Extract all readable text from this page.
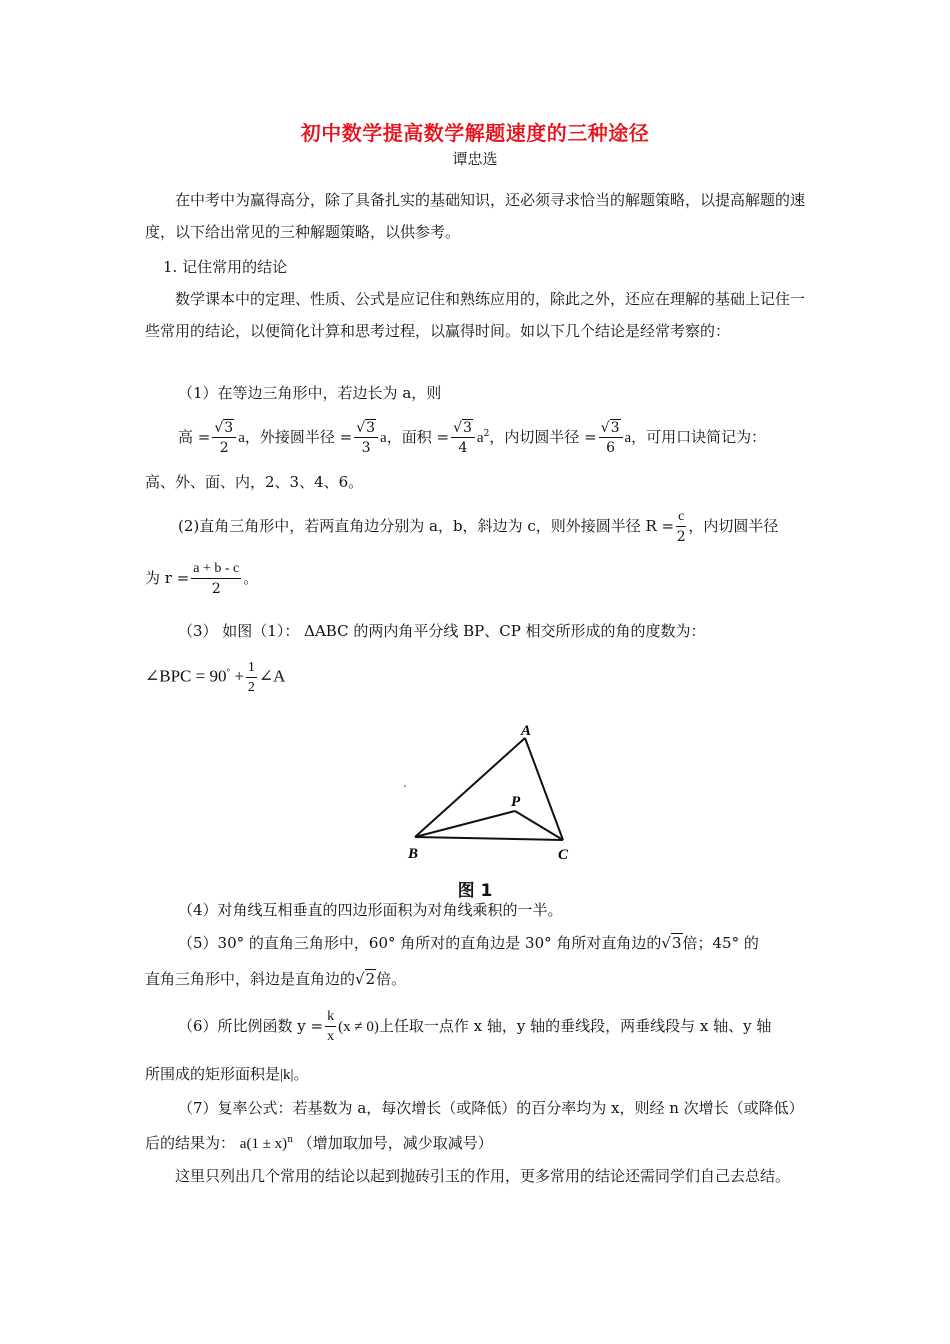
初中数学提高数学解题速度的三种途径
谭忠选
在中考中为赢得高分，除了具备扎实的基础知识，还必须寻求恰当的解题策略，以提高解题的速度，以下给出常见的三种解题策略，以供参考。
1. 记住常用的结论
数学课本中的定理、性质、公式是应记住和熟练应用的，除此之外，还应在理解的基础上记住一些常用的结论，以便简化计算和思考过程，以赢得时间。如以下几个结论是经常考察的：
（1）在等边三角形中，若边长为 a，则
高 = $\frac{√3}{2}$ a，外接圆半径 = $\frac{√3}{3}$ a，面积 = $\frac{√3}{4} a^2$，内切圆半径 = $\frac{√3}{6}$ a，可用口诀简记为：
高、外、面、内，2、3、4、6。
(2)直角三角形中，若两直角边分别为 a，b，斜边为 c，则外接圆半径 $R = \frac{c}{2}$ ，内切圆半径
为 $r = \frac{a + b - c}{2}$ 。
（3） 如图（1）： ΔABC 的两内角平分线 BP、CP 相交所形成的角的度数为：
∠BPC = $90^\circ + \frac{1}{2}$ ∠A
A
P
B	C
图 1
（4）对角线互相垂直的四边形面积为对角线乘积的一半。
（5）30° 的直角三角形中，60° 角所对的直角边是 30° 角所对直角边的√3倍；45° 的
直角三角形中，斜边是直角边的√2倍。
（6）所比例函数 $y = \frac{k}{x} (x \ne 0)$上任取一点作 x 轴，y 轴的垂线段，两垂线段与 x 轴、y 轴
所围成的矩形面积是|k|。
（7）复率公式：若基数为 a，每次增长（或降低）的百分率均为 x，则经 n 次增长（或降低）
后的结果为： $a(1 \pm x)^n$ （增加取加号，减少取减号）
这里只列出几个常用的结论以起到抛砖引玉的作用，更多常用的结论还需同学们自己去总结。
